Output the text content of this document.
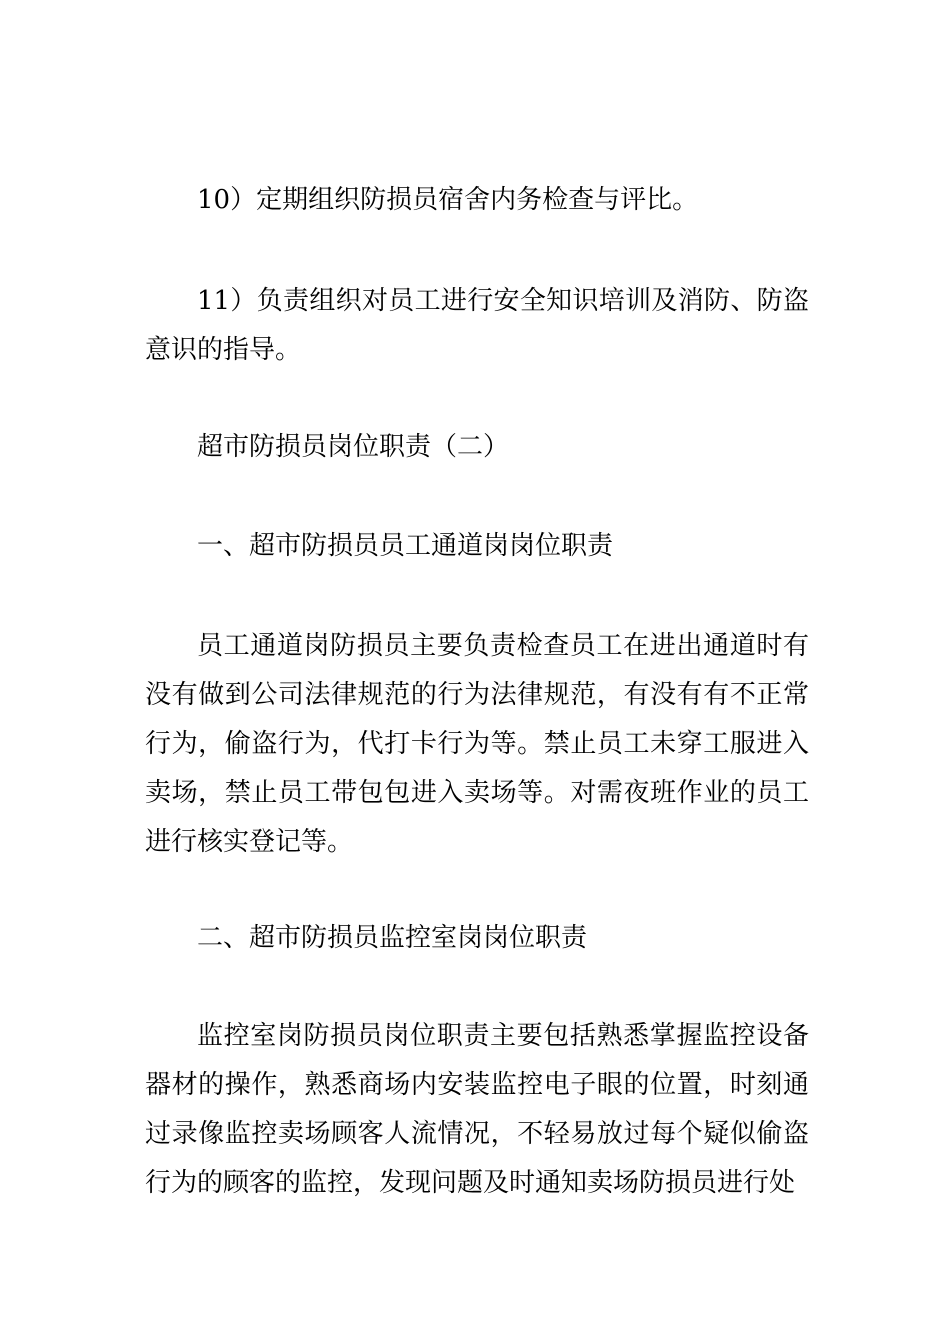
10）定期组织防损员宿舍内务检查与评比。

11）负责组织对员工进行安全知识培训及消防、防盗意识的指导。

超市防损员岗位职责（二）

一、超市防损员员工通道岗岗位职责

员工通道岗防损员主要负责检查员工在进出通道时有没有做到公司法律规范的行为法律规范，有没有有不正常行为，偷盗行为，代打卡行为等。禁止员工未穿工服进入卖场，禁止员工带包包进入卖场等。对需夜班作业的员工进行核实登记等。

二、超市防损员监控室岗岗位职责

监控室岗防损员岗位职责主要包括熟悉掌握监控设备器材的操作，熟悉商场内安装监控电子眼的位置，时刻通过录像监控卖场顾客人流情况，不轻易放过每个疑似偷盗行为的顾客的监控，发现问题及时通知卖场防损员进行处
